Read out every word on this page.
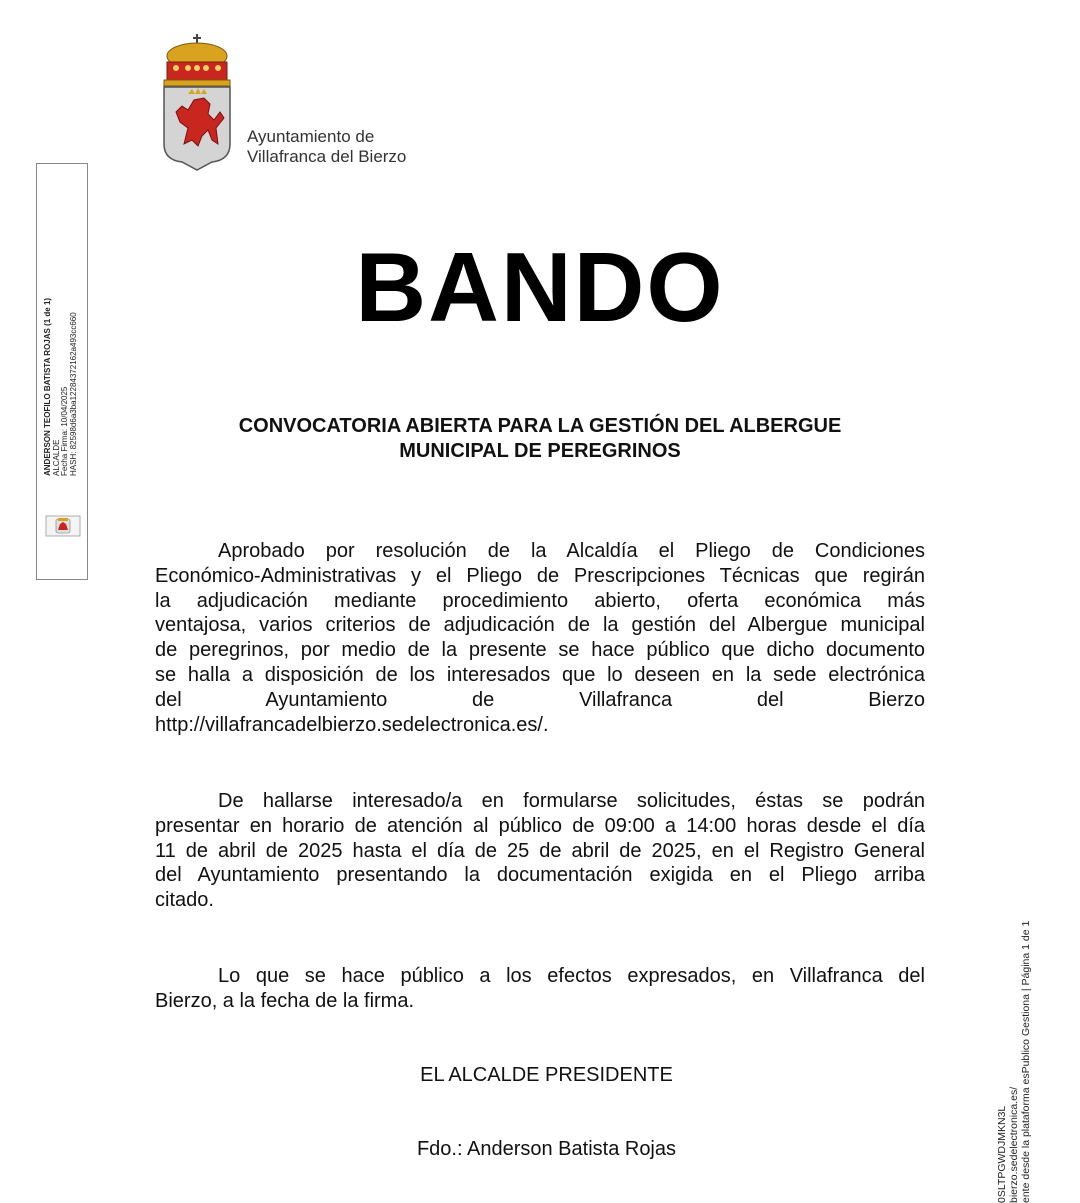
Ayuntamiento de
Villafranca del Bierzo
ANDERSON TEOFILO BATISTA ROJAS (1 de 1) ALCALDE Fecha Firma: 10/04/2025 HASH: 82598d6a3ba12284372162a493cc660
BANDO
CONVOCATORIA ABIERTA PARA LA GESTIÓN DEL ALBERGUE
MUNICIPAL DE PEREGRINOS
Aprobado por resolución de la Alcaldía el Pliego de Condiciones
Económico-Administrativas y el Pliego de Prescripciones Técnicas que regirán
la adjudicación mediante procedimiento abierto, oferta económica más
ventajosa, varios criterios de adjudicación de la gestión del Albergue municipal
de peregrinos, por medio de la presente se hace público que dicho documento
se halla a disposición de los interesados que lo deseen en la sede electrónica
del Ayuntamiento de Villafranca del Bierzo
http://villafrancadelbierzo.sedelectronica.es/.
De hallarse interesado/a en formularse solicitudes, éstas se podrán
presentar en horario de atención al público de 09:00 a 14:00 horas desde el día
11 de abril de 2025 hasta el día de 25 de abril de 2025, en el Registro General
del Ayuntamiento presentando la documentación exigida en el Pliego arriba
citado.
Lo que se hace público a los efectos expresados, en Villafranca del
Bierzo, a la fecha de la firma.
EL ALCALDE PRESIDENTE
Fdo.: Anderson Batista Rojas	0SLTPGWDJMKN3L bierzo.sedelectronica.es/ ente desde la plataforma esPublico Gestiona | Página 1 de 1
